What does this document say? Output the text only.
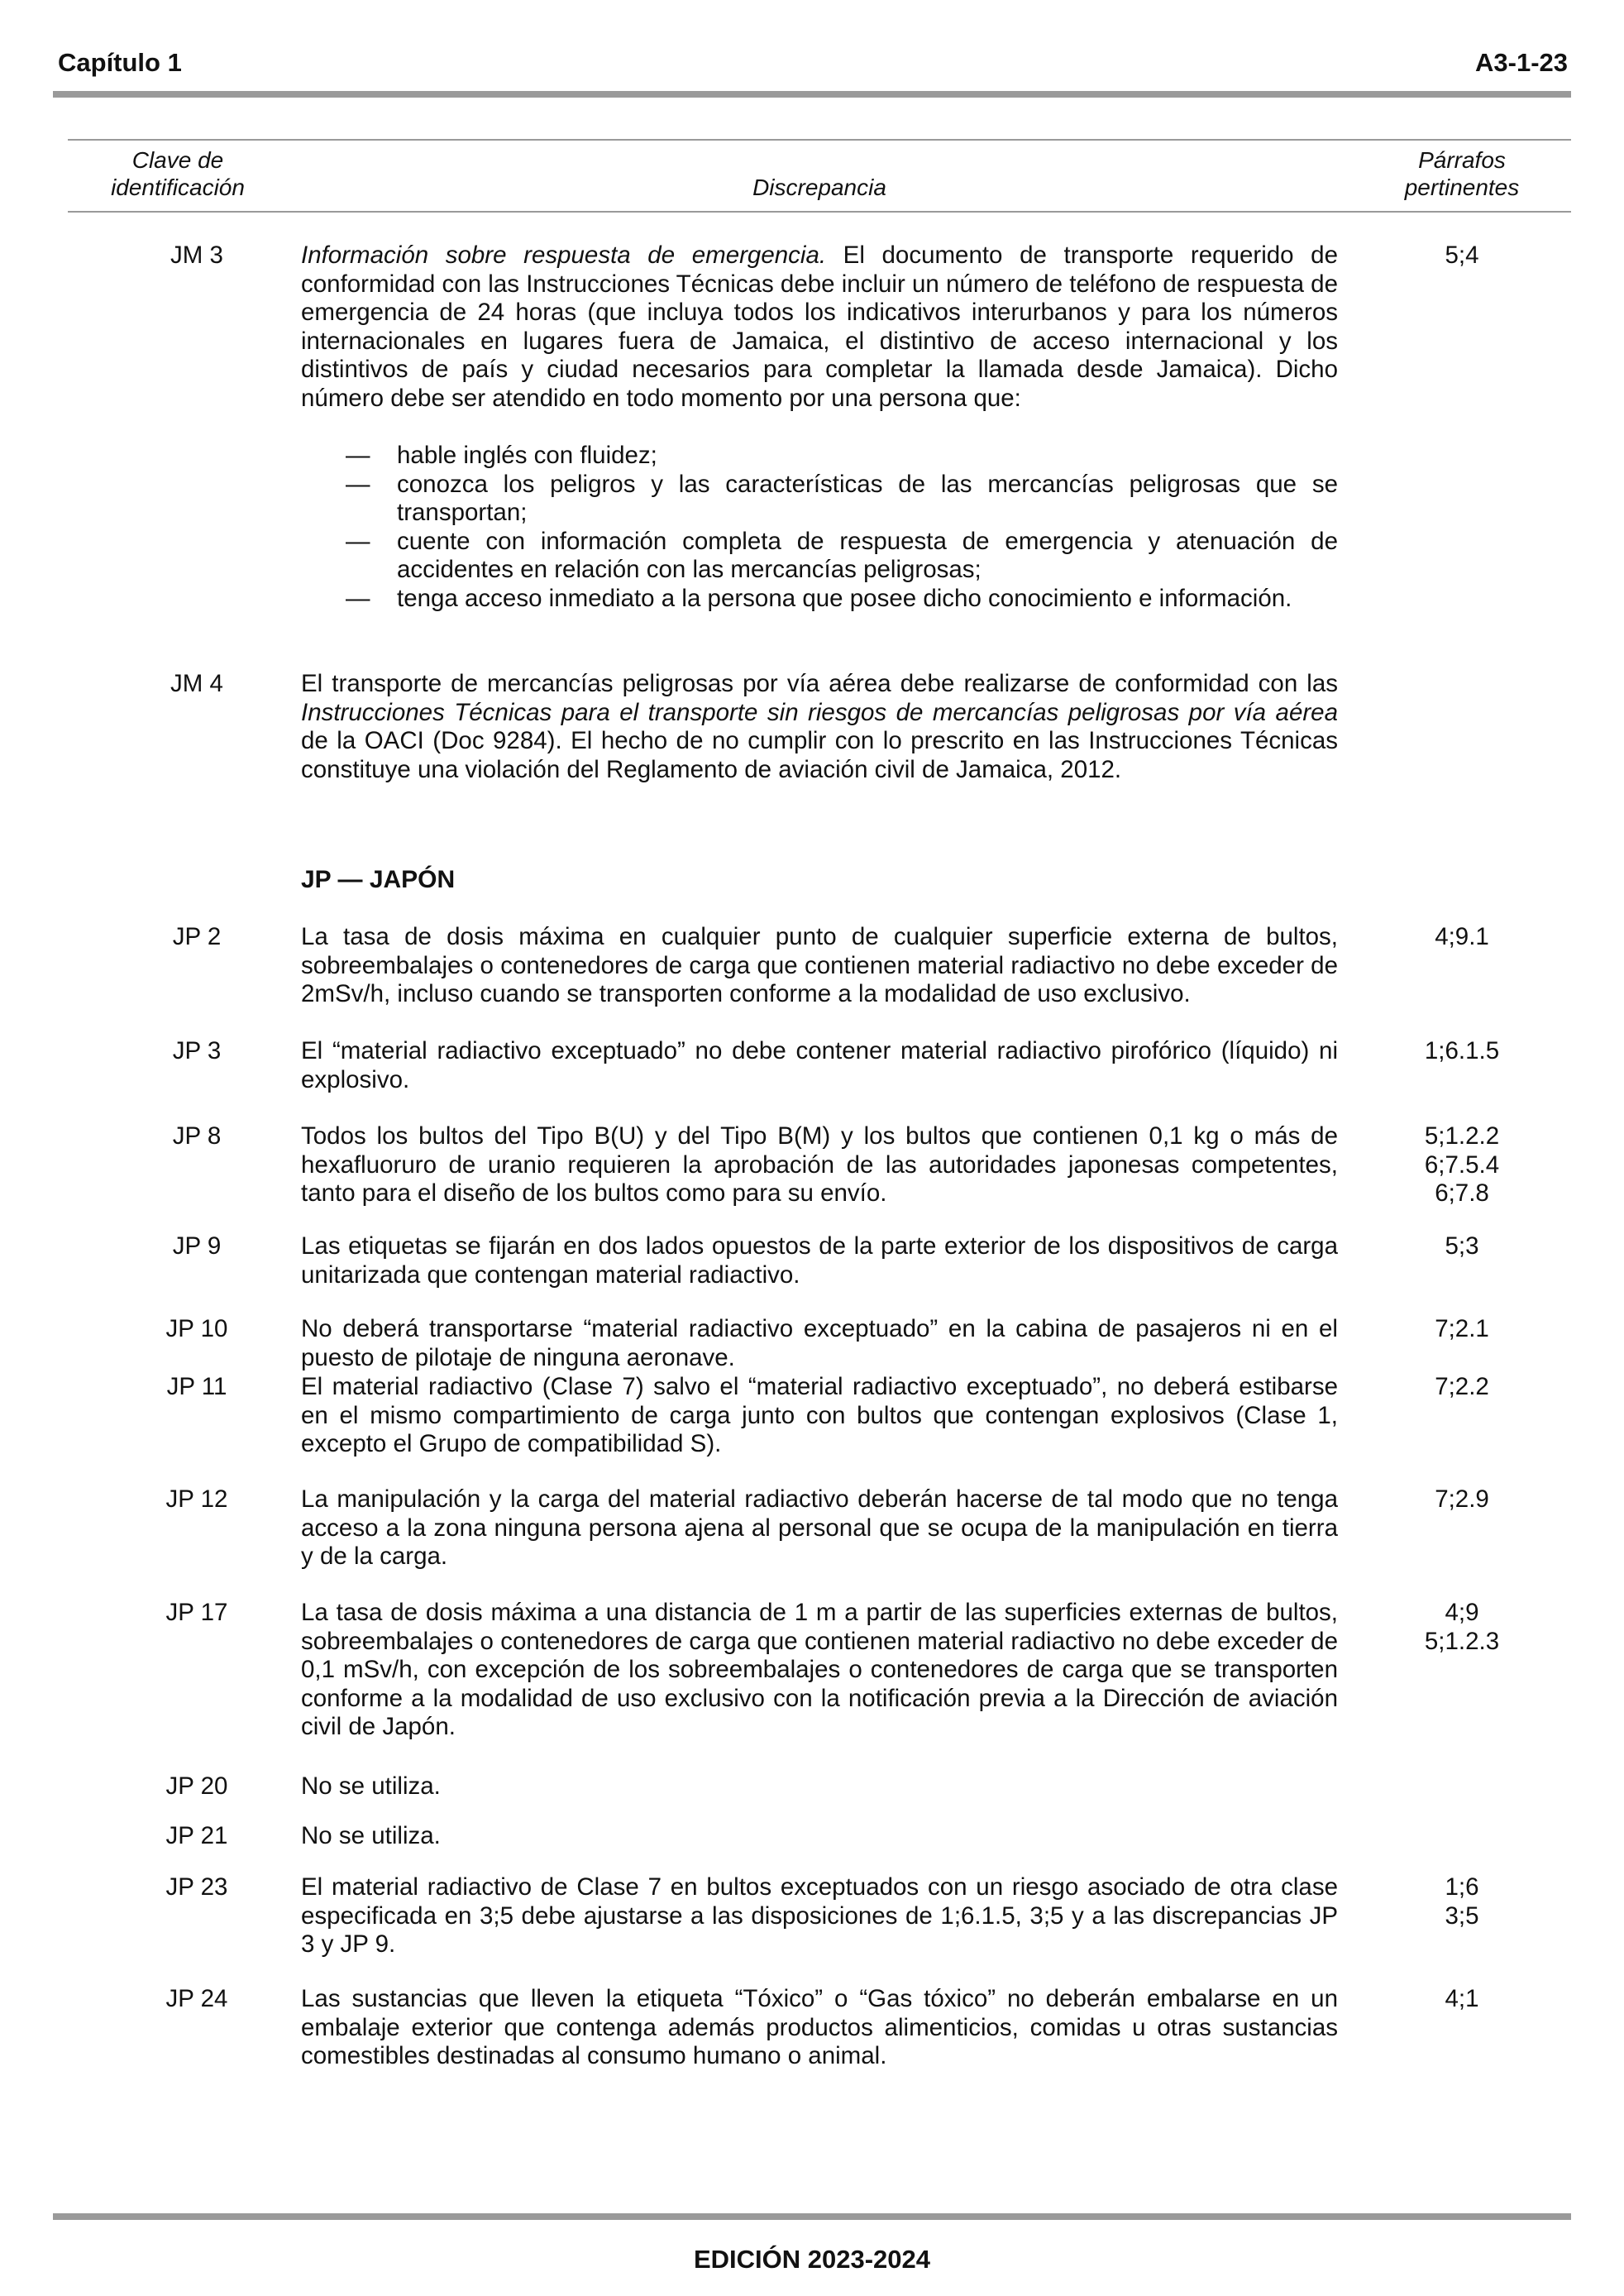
Capítulo 1	A3-1-23
Clave de
identificación	Discrepancia
Párrafos
pertinentes
JM 3	Información sobre respuesta de emergencia. El documento de transporte requerido de conformidad con las Instrucciones Técnicas debe incluir un número de teléfono de respuesta de emergencia de 24 horas (que incluya todos los indicativos interurbanos y para los números internacionales en lugares fuera de Jamaica, el distintivo de acceso internacional y los distintivos de país y ciudad necesarios para completar la llamada desde Jamaica). Dicho número debe ser atendido en todo momento por una persona que:

— hable inglés con fluidez;
— conozca los peligros y las características de las mercancías peligrosas que se transportan;
— cuente con información completa de respuesta de emergencia y atenuación de accidentes en relación con las mercancías peligrosas;
— tenga acceso inmediato a la persona que posee dicho conocimiento e información.
5;4
JM 4	El transporte de mercancías peligrosas por vía aérea debe realizarse de conformidad con las Instrucciones Técnicas para el transporte sin riesgos de mercancías peligrosas por vía aérea de la OACI (Doc 9284). El hecho de no cumplir con lo prescrito en las Instrucciones Técnicas constituye una violación del Reglamento de aviación civil de Jamaica, 2012.

JP — JAPÓN
JP 2	La tasa de dosis máxima en cualquier punto de cualquier superficie externa de bultos, sobreembalajes o contenedores de carga que contienen material radiactivo no debe exceder de 2mSv/h, incluso cuando se transporten conforme a la modalidad de uso exclusivo.
4;9.1
JP 3	El “material radiactivo exceptuado” no debe contener material radiactivo pirofórico (líquido) ni explosivo.
1;6.1.5
JP 8	Todos los bultos del Tipo B(U) y del Tipo B(M) y los bultos que contienen 0,1 kg o más de hexafluoruro de uranio requieren la aprobación de las autoridades japonesas competentes, tanto para el diseño de los bultos como para su envío.
5;1.2.2
6;7.5.4
6;7.8
JP 9	Las etiquetas se fijarán en dos lados opuestos de la parte exterior de los dispositivos de carga unitarizada que contengan material radiactivo.
5;3
JP 10	No deberá transportarse “material radiactivo exceptuado” en la cabina de pasajeros ni en el puesto de pilotaje de ninguna aeronave.
7;2.1
JP 11	El material radiactivo (Clase 7) salvo el “material radiactivo exceptuado”, no deberá estibarse en el mismo compartimiento de carga junto con bultos que contengan explosivos (Clase 1, excepto el Grupo de compatibilidad S).
7;2.2
JP 12	La manipulación y la carga del material radiactivo deberán hacerse de tal modo que no tenga acceso a la zona ninguna persona ajena al personal que se ocupa de la manipulación en tierra y de la carga.
7;2.9
JP 17	La tasa de dosis máxima a una distancia de 1 m a partir de las superficies externas de bultos, sobreembalajes o contenedores de carga que contienen material radiactivo no debe exceder de 0,1 mSv/h, con excepción de los sobreembalajes o contenedores de carga que se transporten conforme a la modalidad de uso exclusivo con la notificación previa a la Dirección de aviación civil de Japón.
4;9
5;1.2.3
JP 20	No se utiliza.
JP 21	No se utiliza.
JP 23	El material radiactivo de Clase 7 en bultos exceptuados con un riesgo asociado de otra clase especificada en 3;5 debe ajustarse a las disposiciones de 1;6.1.5, 3;5 y a las discrepancias JP 3 y JP 9.
1;6
3;5
JP 24	Las sustancias que lleven la etiqueta “Tóxico” o “Gas tóxico” no deberán embalarse en un embalaje exterior que contenga además productos alimenticios, comidas u otras sustancias comestibles destinadas al consumo humano o animal.
4;1
EDICIÓN 2023-2024
